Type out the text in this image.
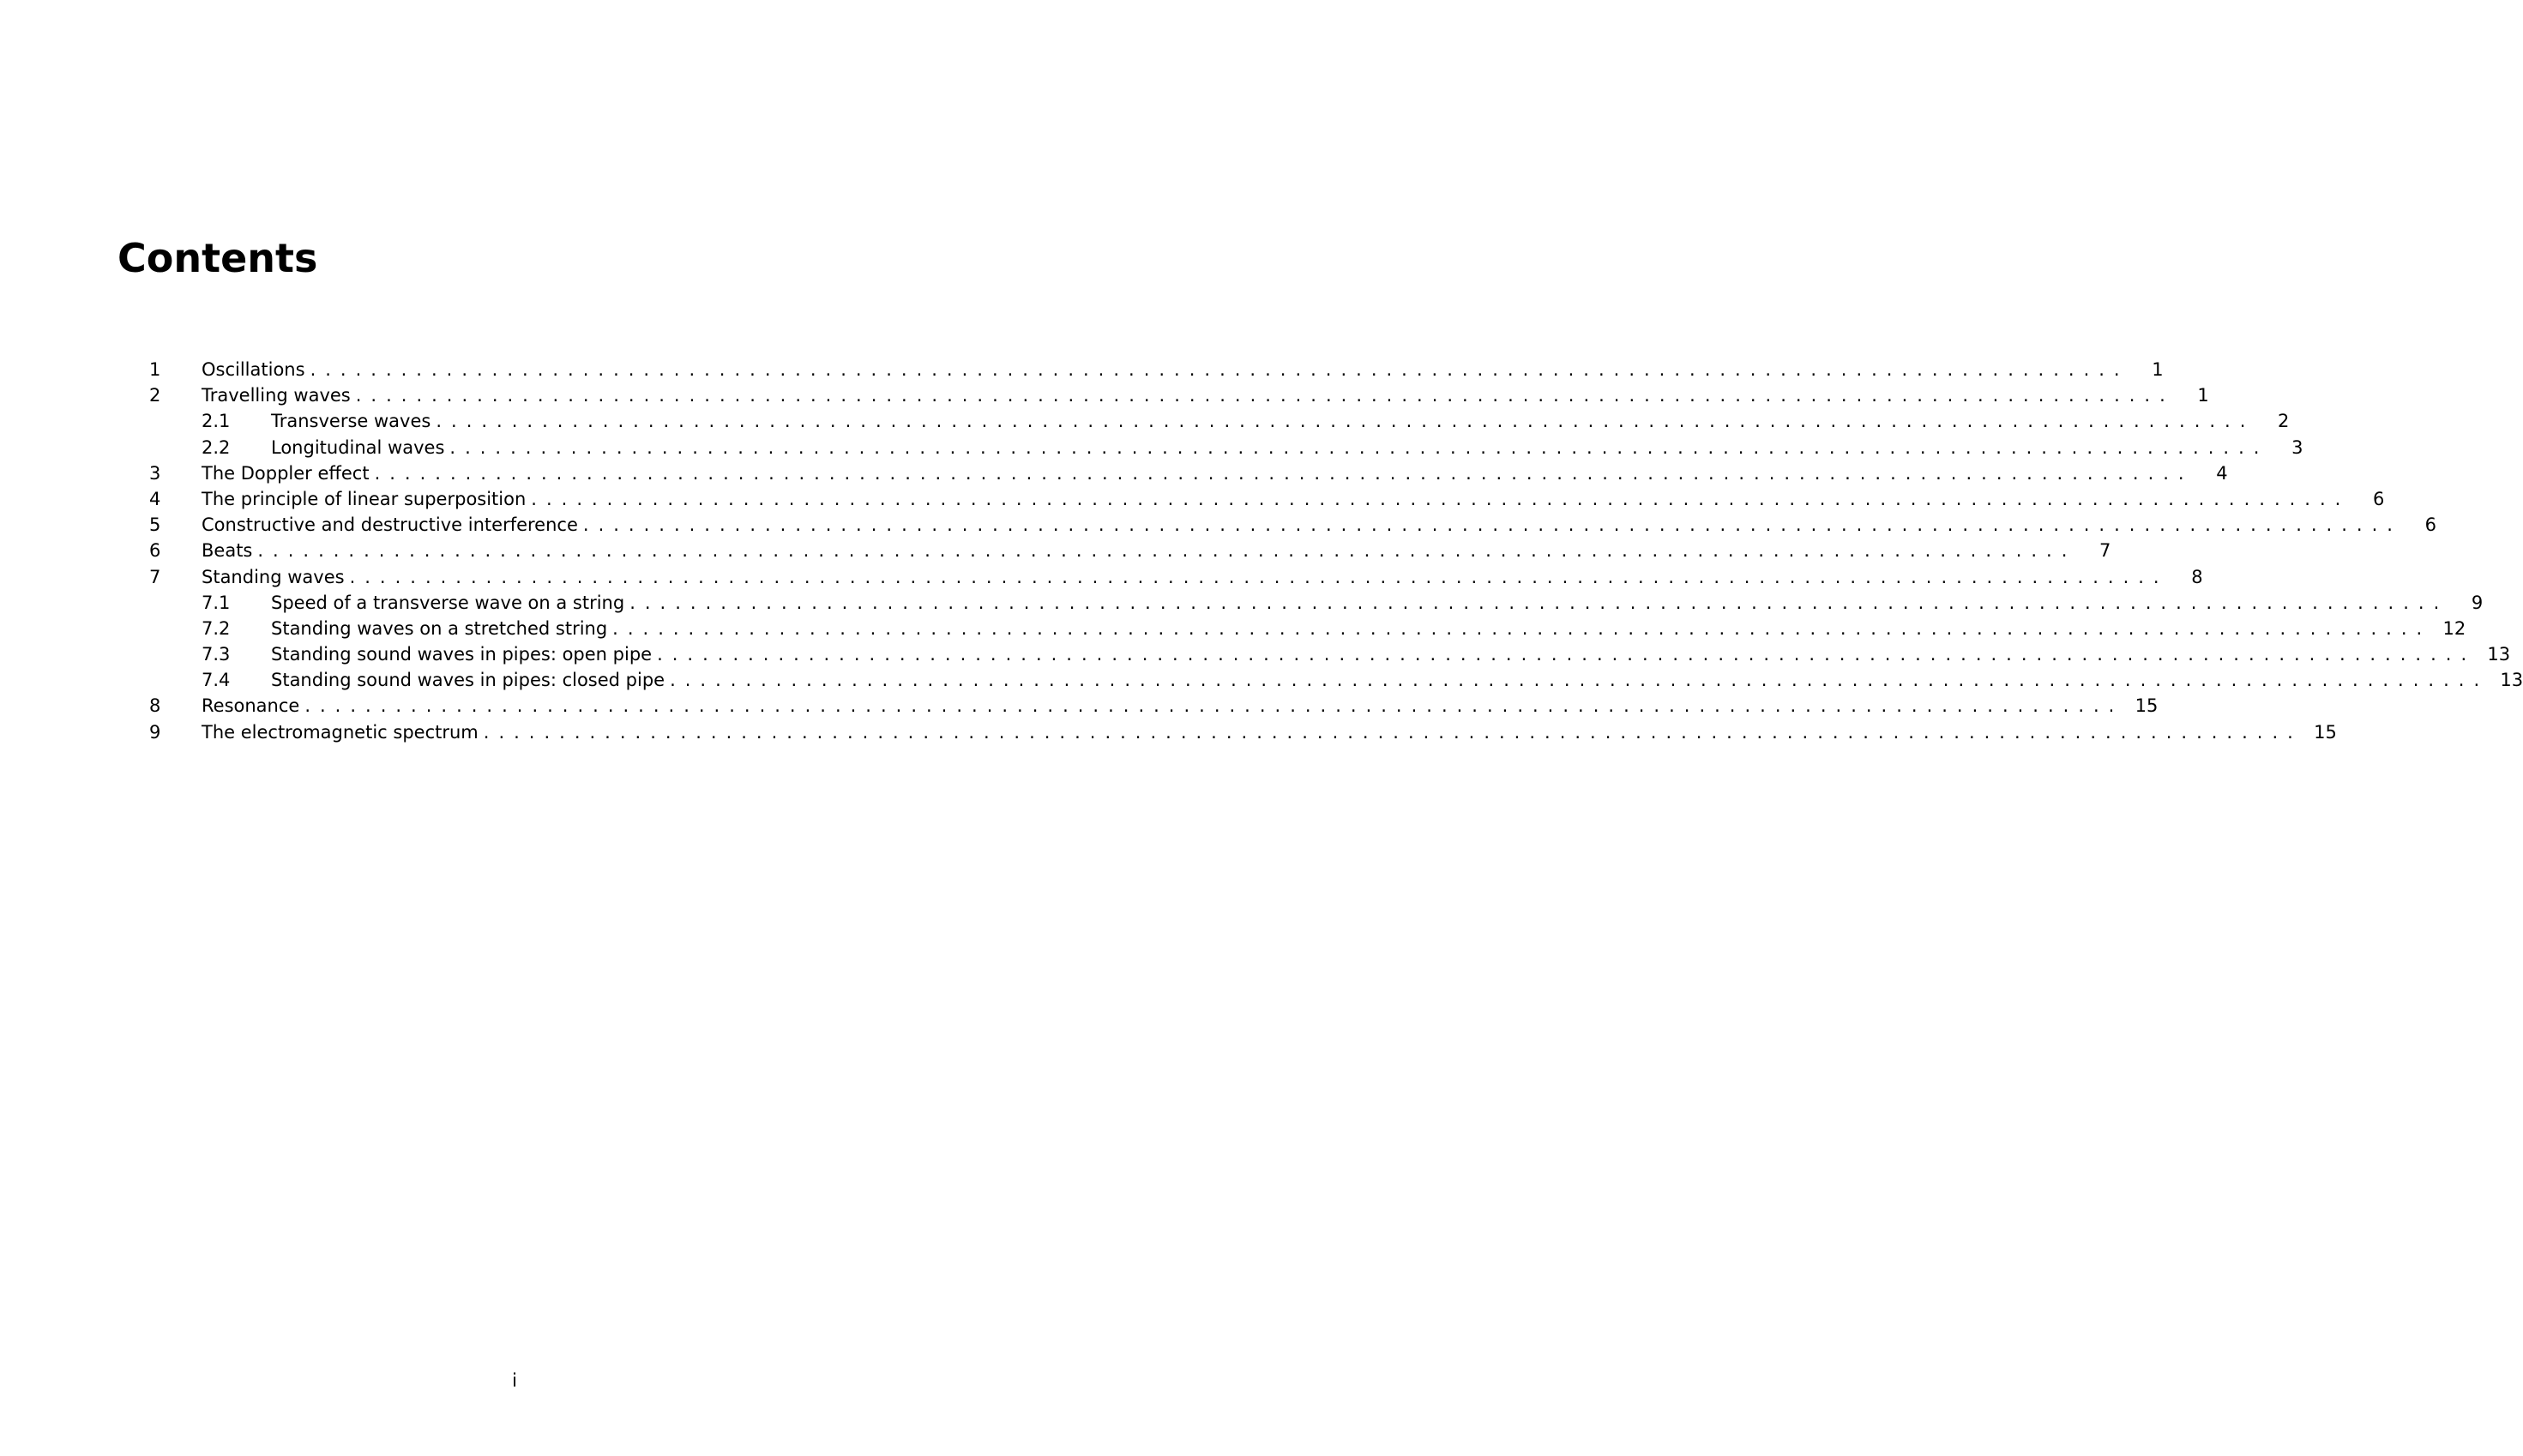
Contents
1	Oscillations ........................................................................................................................	1
2	Travelling waves ........................................................................................................................	1
2.1	Transverse waves ........................................................................................................................	2
2.2	Longitudinal waves ........................................................................................................................	3
3	The Doppler effect ........................................................................................................................	4
4	The principle of linear superposition ........................................................................................................................	6
5	Constructive and destructive interference ........................................................................................................................	6
6	Beats ........................................................................................................................	7
7	Standing waves ........................................................................................................................	8
7.1	Speed of a transverse wave on a string ........................................................................................................................	9
7.2	Standing waves on a stretched string ........................................................................................................................ 12
7.3	Standing sound waves in pipes: open pipe ........................................................................................................................ 13
7.4	Standing sound waves in pipes: closed pipe ........................................................................................................................ 13
8	Resonance ........................................................................................................................ 15
9	The electromagnetic spectrum ........................................................................................................................ 15
i
